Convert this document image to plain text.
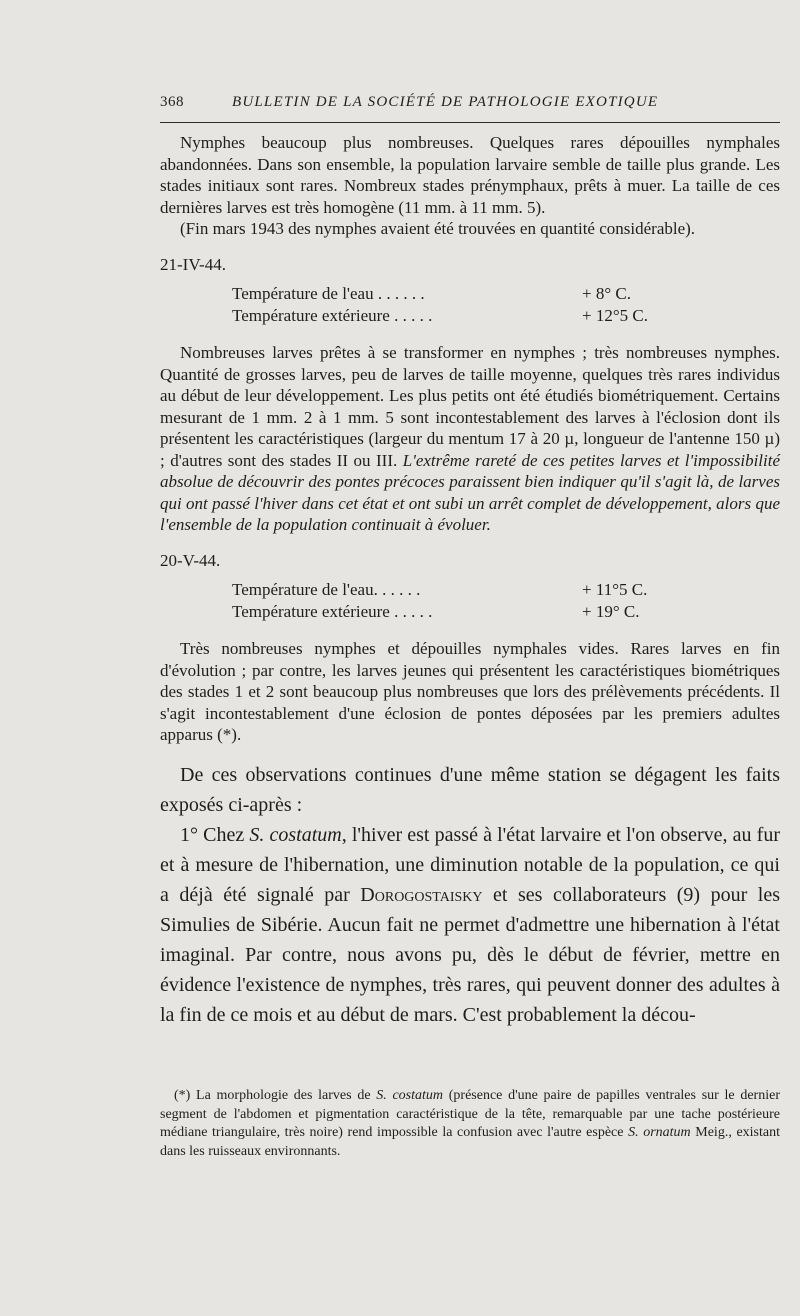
368	BULLETIN DE LA SOCIÉTÉ DE PATHOLOGIE EXOTIQUE

Nymphes beaucoup plus nombreuses. Quelques rares dépouilles nymphales abandonnées. Dans son ensemble, la population larvaire semble de taille plus grande. Les stades initiaux sont rares. Nombreux stades prénymphaux, prêts à muer. La taille de ces dernières larves est très homogène (11 mm. à 11 mm. 5).

(Fin mars 1943 des nymphes avaient été trouvées en quantité considérable).

21-IV-44.

Température de l'eau . . . . . .	+ 8° C.
Température extérieure . . . . .	+ 12°5 C.

Nombreuses larves prêtes à se transformer en nymphes ; très nombreuses nymphes. Quantité de grosses larves, peu de larves de taille moyenne, quelques très rares individus au début de leur développement. Les plus petits ont été étudiés biométriquement. Certains mesurant de 1 mm. 2 à 1 mm. 5 sont incontestablement des larves à l'éclosion dont ils présentent les caractéristiques (largeur du mentum 17 à 20 µ, longueur de l'antenne 150 µ) ; d'autres sont des stades II ou III. L'extrême rareté de ces petites larves et l'impossibilité absolue de découvrir des pontes précoces paraissent bien indiquer qu'il s'agit là, de larves qui ont passé l'hiver dans cet état et ont subi un arrêt complet de développement, alors que l'ensemble de la population continuait à évoluer.

20-V-44.

Température de l'eau. . . . . .	+ 11°5 C.
Température extérieure . . . . .	+ 19° C.

Très nombreuses nymphes et dépouilles nymphales vides. Rares larves en fin d'évolution ; par contre, les larves jeunes qui présentent les caractéristiques biométriques des stades 1 et 2 sont beaucoup plus nombreuses que lors des prélèvements précédents. Il s'agit incontestablement d'une éclosion de pontes déposées par les premiers adultes apparus (*).

De ces observations continues d'une même station se dégagent les faits exposés ci-après :

1° Chez S. costatum, l'hiver est passé à l'état larvaire et l'on observe, au fur et à mesure de l'hibernation, une diminution notable de la population, ce qui a déjà été signalé par Dorogostaisky et ses collaborateurs (9) pour les Simulies de Sibérie. Aucun fait ne permet d'admettre une hibernation à l'état imaginal. Par contre, nous avons pu, dès le début de février, mettre en évidence l'existence de nymphes, très rares, qui peuvent donner des adultes à la fin de ce mois et au début de mars. C'est probablement la décou-

(*) La morphologie des larves de S. costatum (présence d'une paire de papilles ventrales sur le dernier segment de l'abdomen et pigmentation caractéristique de la tête, remarquable par une tache postérieure médiane triangulaire, très noire) rend impossible la confusion avec l'autre espèce S. ornatum Meig., existant dans les ruisseaux environnants.
